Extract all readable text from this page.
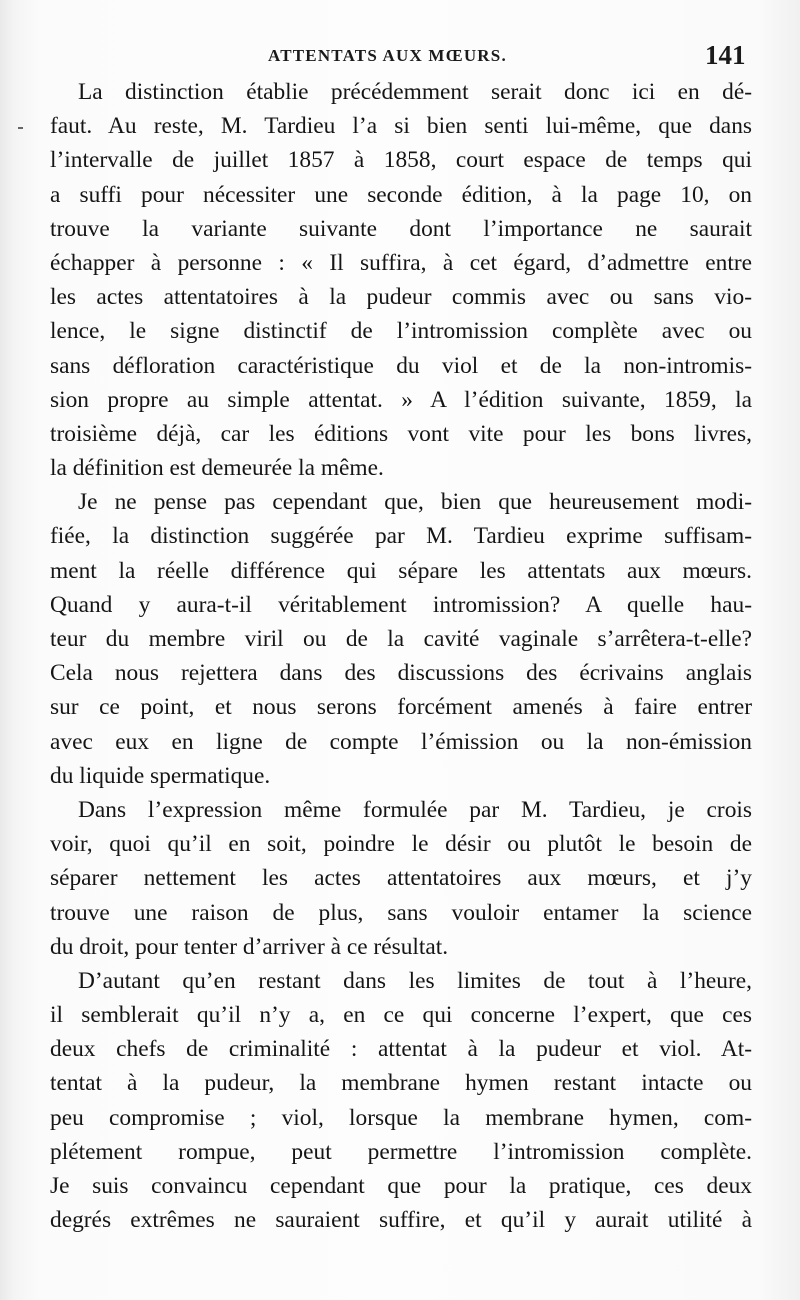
ATTENTATS AUX MŒURS.	141
La distinction établie précédemment serait donc ici en dé-
faut. Au reste, M. Tardieu l’a si bien senti lui-même, que dans
l’intervalle de juillet 1857 à 1858, court espace de temps qui
a suffi pour nécessiter une seconde édition, à la page 10, on
trouve la variante suivante dont l’importance ne saurait
échapper à personne : « Il suffira, à cet égard, d’admettre entre
les actes attentatoires à la pudeur commis avec ou sans vio-
lence, le signe distinctif de l’intromission complète avec ou
sans défloration caractéristique du viol et de la non-intromis-
sion propre au simple attentat. » A l’édition suivante, 1859, la
troisième déjà, car les éditions vont vite pour les bons livres,
la définition est demeurée la même.
Je ne pense pas cependant que, bien que heureusement modi-
fiée, la distinction suggérée par M. Tardieu exprime suffisam-
ment la réelle différence qui sépare les attentats aux mœurs.
Quand y aura-t-il véritablement intromission? A quelle hau-
teur du membre viril ou de la cavité vaginale s’arrêtera-t-elle?
Cela nous rejettera dans des discussions des écrivains anglais
sur ce point, et nous serons forcément amenés à faire entrer
avec eux en ligne de compte l’émission ou la non-émission
du liquide spermatique.
Dans l’expression même formulée par M. Tardieu, je crois
voir, quoi qu’il en soit, poindre le désir ou plutôt le besoin de
séparer nettement les actes attentatoires aux mœurs, et j’y
trouve une raison de plus, sans vouloir entamer la science
du droit, pour tenter d’arriver à ce résultat.
D’autant qu’en restant dans les limites de tout à l’heure,
il semblerait qu’il n’y a, en ce qui concerne l’expert, que ces
deux chefs de criminalité : attentat à la pudeur et viol. At-
tentat à la pudeur, la membrane hymen restant intacte ou
peu compromise ; viol, lorsque la membrane hymen, com-
plétement rompue, peut permettre l’intromission complète.
Je suis convaincu cependant que pour la pratique, ces deux
degrés extrêmes ne sauraient suffire, et qu’il y aurait utilité à
